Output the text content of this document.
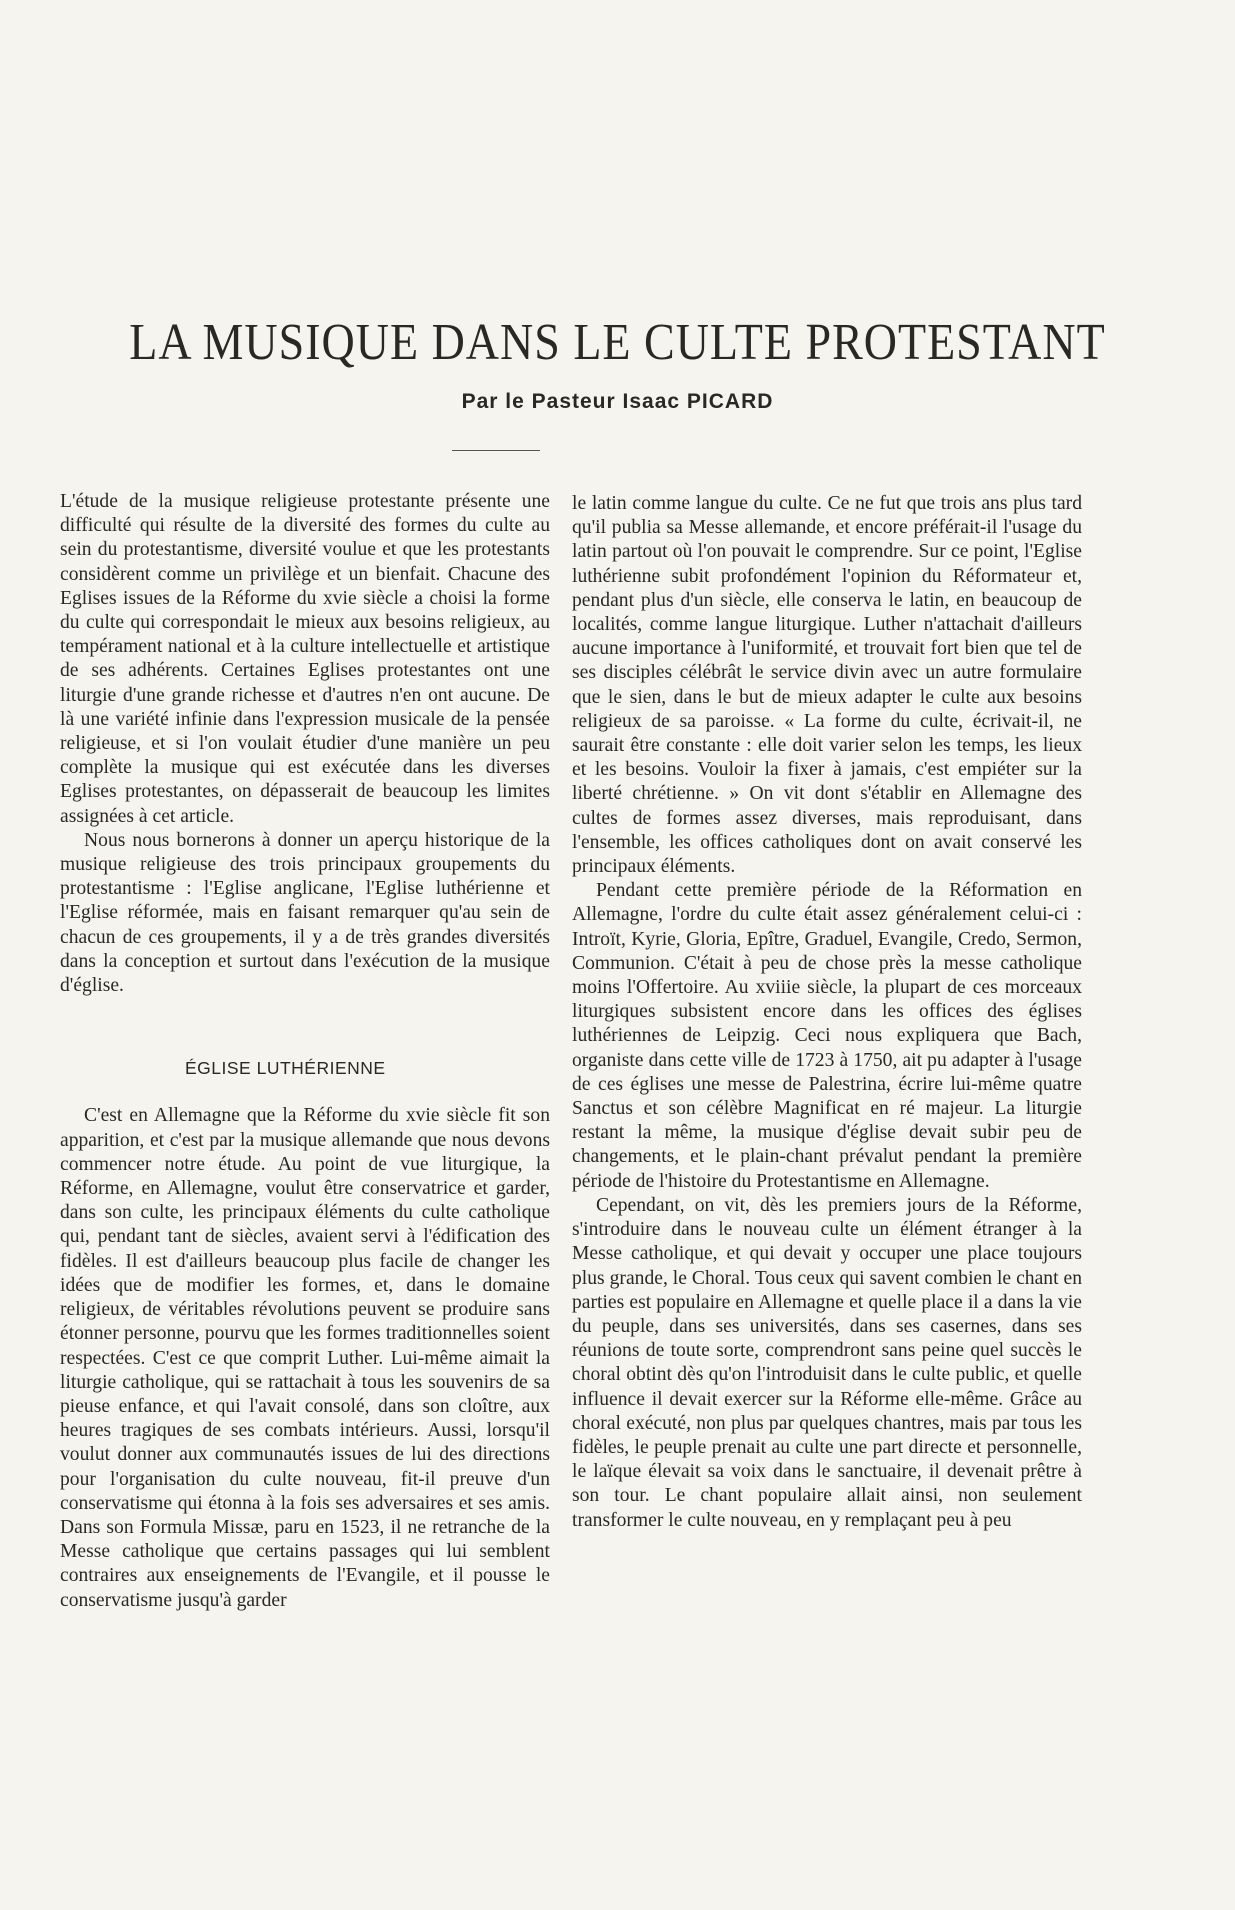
LA MUSIQUE DANS LE CULTE PROTESTANT
Par le Pasteur Isaac PICARD

L'étude de la musique religieuse protestante présente une difficulté qui résulte de la diversité des formes du culte au sein du protestantisme, diversité voulue et que les protestants considèrent comme un privilège et un bienfait. Chacune des Eglises issues de la Réforme du xvie siècle a choisi la forme du culte qui correspondait le mieux aux besoins religieux, au tempérament national et à la culture intellectuelle et artistique de ses adhérents. Certaines Eglises protestantes ont une liturgie d'une grande richesse et d'autres n'en ont aucune. De là une variété infinie dans l'expression musicale de la pensée religieuse, et si l'on voulait étudier d'une manière un peu complète la musique qui est exécutée dans les diverses Eglises protestantes, on dépasserait de beaucoup les limites assignées à cet article.

Nous nous bornerons à donner un aperçu historique de la musique religieuse des trois principaux groupements du protestantisme : l'Eglise anglicane, l'Eglise luthérienne et l'Eglise réformée, mais en faisant remarquer qu'au sein de chacun de ces groupements, il y a de très grandes diversités dans la conception et surtout dans l'exécution de la musique d'église.

ÉGLISE LUTHÉRIENNE

C'est en Allemagne que la Réforme du xvie siècle fit son apparition, et c'est par la musique allemande que nous devons commencer notre étude. Au point de vue liturgique, la Réforme, en Allemagne, voulut être conservatrice et garder, dans son culte, les principaux éléments du culte catholique qui, pendant tant de siècles, avaient servi à l'édification des fidèles. Il est d'ailleurs beaucoup plus facile de changer les idées que de modifier les formes, et, dans le domaine religieux, de véritables révolutions peuvent se produire sans étonner personne, pourvu que les formes traditionnelles soient respectées. C'est ce que comprit Luther. Lui-même aimait la liturgie catholique, qui se rattachait à tous les souvenirs de sa pieuse enfance, et qui l'avait consolé, dans son cloître, aux heures tragiques de ses combats intérieurs. Aussi, lorsqu'il voulut donner aux communautés issues de lui des directions pour l'organisation du culte nouveau, fit-il preuve d'un conservatisme qui étonna à la fois ses adversaires et ses amis. Dans son Formula Missæ, paru en 1523, il ne retranche de la Messe catholique que certains passages qui lui semblent contraires aux enseignements de l'Evangile, et il pousse le conservatisme jusqu'à garder

le latin comme langue du culte. Ce ne fut que trois ans plus tard qu'il publia sa Messe allemande, et encore préférait-il l'usage du latin partout où l'on pouvait le comprendre. Sur ce point, l'Eglise luthérienne subit profondément l'opinion du Réformateur et, pendant plus d'un siècle, elle conserva le latin, en beaucoup de localités, comme langue liturgique. Luther n'attachait d'ailleurs aucune importance à l'uniformité, et trouvait fort bien que tel de ses disciples célébrât le service divin avec un autre formulaire que le sien, dans le but de mieux adapter le culte aux besoins religieux de sa paroisse. « La forme du culte, écrivait-il, ne saurait être constante : elle doit varier selon les temps, les lieux et les besoins. Vouloir la fixer à jamais, c'est empiéter sur la liberté chrétienne. » On vit dont s'établir en Allemagne des cultes de formes assez diverses, mais reproduisant, dans l'ensemble, les offices catholiques dont on avait conservé les principaux éléments.

Pendant cette première période de la Réformation en Allemagne, l'ordre du culte était assez généralement celui-ci : Introït, Kyrie, Gloria, Epître, Graduel, Evangile, Credo, Sermon, Communion. C'était à peu de chose près la messe catholique moins l'Offertoire. Au xviiie siècle, la plupart de ces morceaux liturgiques subsistent encore dans les offices des églises luthériennes de Leipzig. Ceci nous expliquera que Bach, organiste dans cette ville de 1723 à 1750, ait pu adapter à l'usage de ces églises une messe de Palestrina, écrire lui-même quatre Sanctus et son célèbre Magnificat en ré majeur. La liturgie restant la même, la musique d'église devait subir peu de changements, et le plain-chant prévalut pendant la première période de l'histoire du Protestantisme en Allemagne.

Cependant, on vit, dès les premiers jours de la Réforme, s'introduire dans le nouveau culte un élément étranger à la Messe catholique, et qui devait y occuper une place toujours plus grande, le Choral. Tous ceux qui savent combien le chant en parties est populaire en Allemagne et quelle place il a dans la vie du peuple, dans ses universités, dans ses casernes, dans ses réunions de toute sorte, comprendront sans peine quel succès le choral obtint dès qu'on l'introduisit dans le culte public, et quelle influence il devait exercer sur la Réforme elle-même. Grâce au choral exécuté, non plus par quelques chantres, mais par tous les fidèles, le peuple prenait au culte une part directe et personnelle, le laïque élevait sa voix dans le sanctuaire, il devenait prêtre à son tour. Le chant populaire allait ainsi, non seulement transformer le culte nouveau, en y remplaçant peu à peu
